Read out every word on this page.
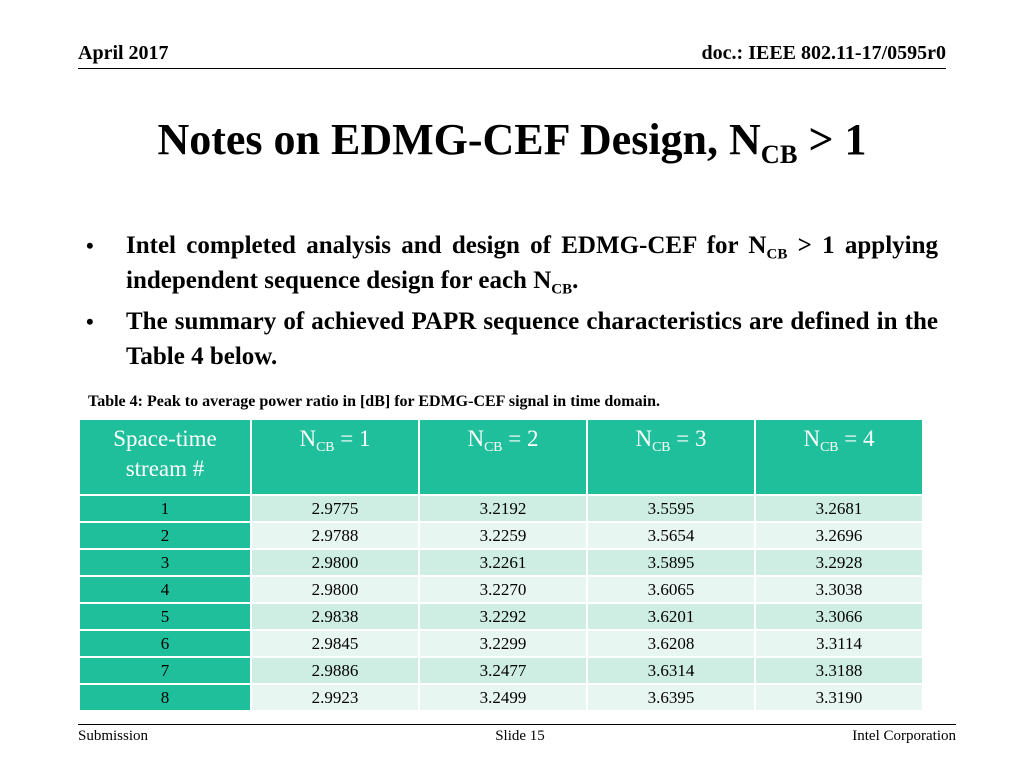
April 2017	doc.: IEEE 802.11-17/0595r0
Notes on EDMG-CEF Design, $N_{CB} > 1$
• Intel completed analysis and design of EDMG-CEF for $N_{CB} > 1$ applying independent sequence design for each $N_{CB}$.
• The summary of achieved PAPR sequence characteristics are defined in the Table 4 below.
Table 4: Peak to average power ratio in [dB] for EDMG-CEF signal in time domain.
Space-time stream #	$N_{CB} = 1$	$N_{CB} = 2$	$N_{CB} = 3$	$N_{CB} = 4$
1	2.9775	3.2192	3.5595	3.2681
2	2.9788	3.2259	3.5654	3.2696
3	2.9800	3.2261	3.5895	3.2928
4	2.9800	3.2270	3.6065	3.3038
5	2.9838	3.2292	3.6201	3.3066
6	2.9845	3.2299	3.6208	3.3114
7	2.9886	3.2477	3.6314	3.3188
8	2.9923	3.2499	3.6395	3.3190
Submission	Slide 15	Intel Corporation
